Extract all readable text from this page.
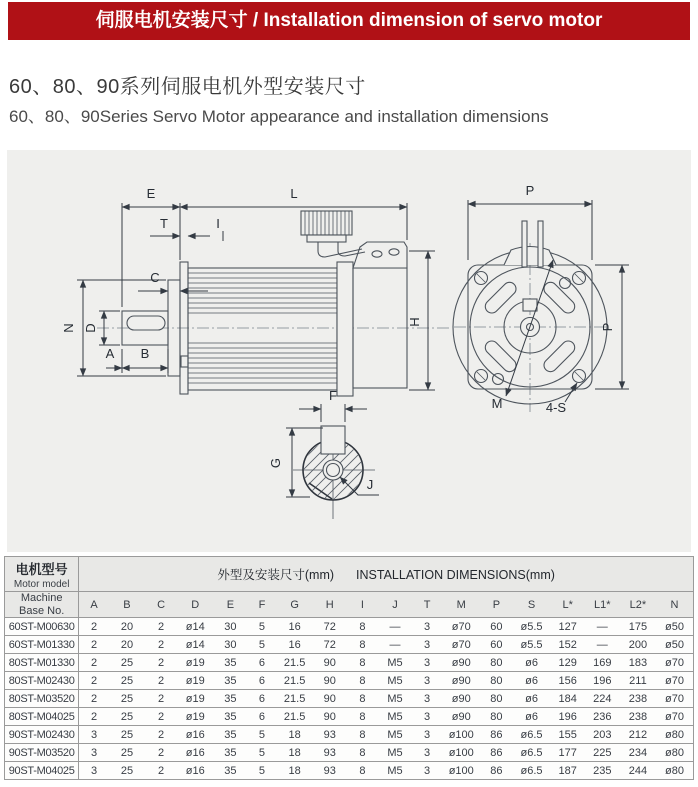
伺服电机安装尺寸 / Installation dimension of servo motor
60、80、90系列伺服电机外型安装尺寸
60、80、90Series Servo Motor appearance and installation dimensions
E	L
T	I
C
D
N
A B
H
P
P
M	4-S
F
G
J
电机型号
Motor model	外型及安装尺寸(mm) INSTALLATION DIMENSIONS(mm)																	

Machine
Base No.	A	B	C	D	E	F	G	H	I	J	T	M	P	S	L*	L1*	L2*	N
60ST-M00630	2	20	2	ø14	30	5	16	72	8	—	3	ø70	60	ø5.5	127	—	175	ø50
60ST-M01330	2	20	2	ø14	30	5	16	72	8	—	3	ø70	60	ø5.5	152	—	200	ø50
80ST-M01330	2	25	2	ø19	35	6	21.5	90	8	M5	3	ø90	80	ø6	129	169	183	ø70
80ST-M02430	2	25	2	ø19	35	6	21.5	90	8	M5	3	ø90	80	ø6	156	196	211	ø70
80ST-M03520	2	25	2	ø19	35	6	21.5	90	8	M5	3	ø90	80	ø6	184	224	238	ø70
80ST-M04025	2	25	2	ø19	35	6	21.5	90	8	M5	3	ø90	80	ø6	196	236	238	ø70
90ST-M02430	3	25	2	ø16	35	5	18	93	8	M5	3	ø100	86	ø6.5	155	203	212	ø80
90ST-M03520	3	25	2	ø16	35	5	18	93	8	M5	3	ø100	86	ø6.5	177	225	234	ø80
90ST-M04025	3	25	2	ø16	35	5	18	93	8	M5	3	ø100	86	ø6.5	187	235	244	ø80
